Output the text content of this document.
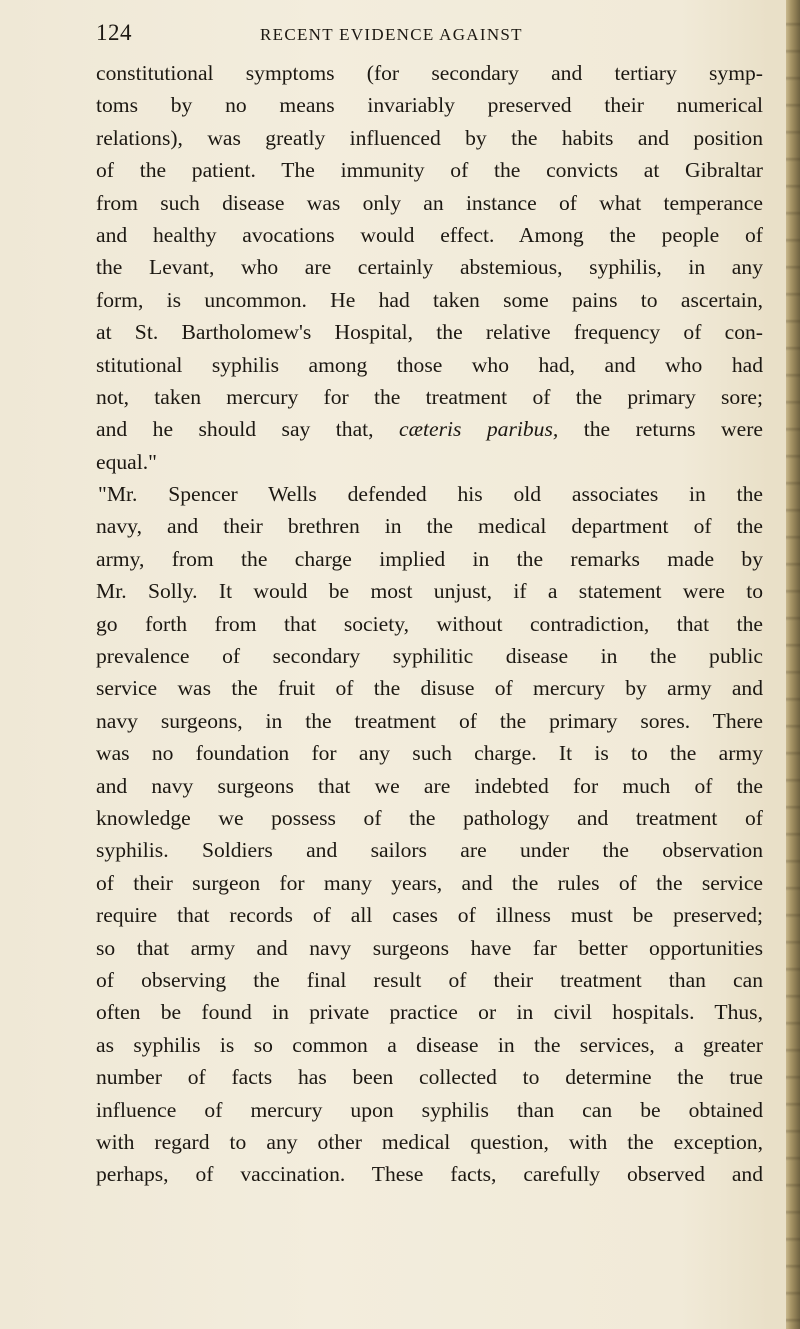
124	RECENT EVIDENCE AGAINST
constitutional symptoms (for secondary and tertiary symp-
toms by no means invariably preserved their numerical
relations), was greatly influenced by the habits and position
of the patient. The immunity of the convicts at Gibraltar
from such disease was only an instance of what temperance
and healthy avocations would effect. Among the people of
the Levant, who are certainly abstemious, syphilis, in any
form, is uncommon. He had taken some pains to ascertain,
at St. Bartholomew's Hospital, the relative frequency of con-
stitutional syphilis among those who had, and who had
not, taken mercury for the treatment of the primary sore;
and he should say that, cæteris paribus, the returns were
equal."
"Mr. Spencer Wells defended his old associates in the
navy, and their brethren in the medical department of the
army, from the charge implied in the remarks made by
Mr. Solly. It would be most unjust, if a statement were to
go forth from that society, without contradiction, that the
prevalence of secondary syphilitic disease in the public
service was the fruit of the disuse of mercury by army and
navy surgeons, in the treatment of the primary sores. There
was no foundation for any such charge. It is to the army
and navy surgeons that we are indebted for much of the
knowledge we possess of the pathology and treatment of
syphilis. Soldiers and sailors are under the observation
of their surgeon for many years, and the rules of the service
require that records of all cases of illness must be preserved;
so that army and navy surgeons have far better opportunities
of observing the final result of their treatment than can
often be found in private practice or in civil hospitals. Thus,
as syphilis is so common a disease in the services, a greater
number of facts has been collected to determine the true
influence of mercury upon syphilis than can be obtained
with regard to any other medical question, with the exception,
perhaps, of vaccination. These facts, carefully observed and
